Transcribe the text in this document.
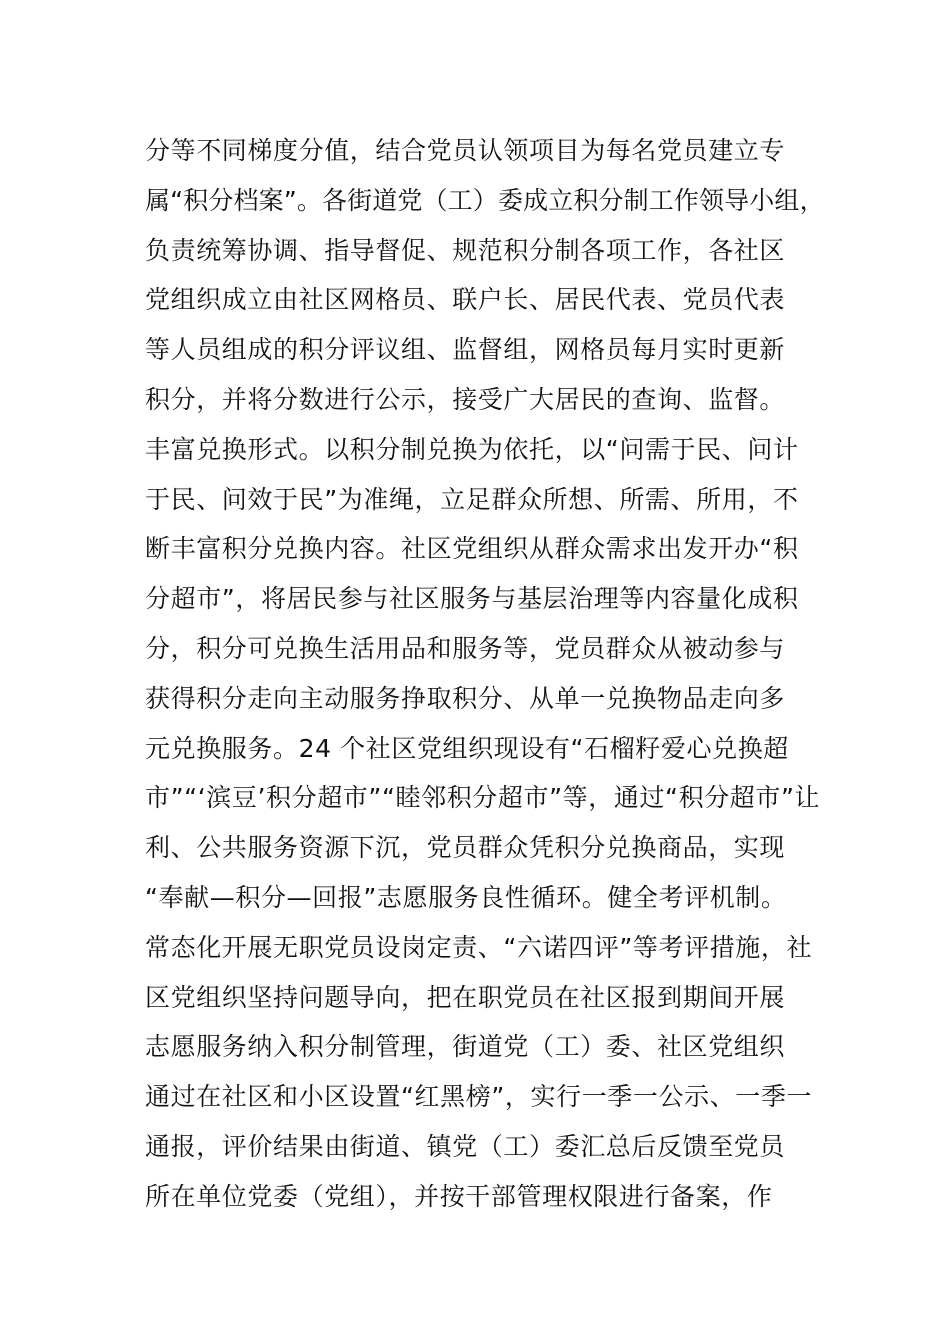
分等不同梯度分值，结合党员认领项目为每名党员建立专
属“积分档案”。各街道党（工）委成立积分制工作领导小组，
负责统筹协调、指导督促、规范积分制各项工作，各社区
党组织成立由社区网格员、联户长、居民代表、党员代表
等人员组成的积分评议组、监督组，网格员每月实时更新
积分，并将分数进行公示，接受广大居民的查询、监督。
丰富兑换形式。以积分制兑换为依托，以“问需于民、问计
于民、问效于民”为准绳，立足群众所想、所需、所用，不
断丰富积分兑换内容。社区党组织从群众需求出发开办“积
分超市”，将居民参与社区服务与基层治理等内容量化成积
分，积分可兑换生活用品和服务等，党员群众从被动参与
获得积分走向主动服务挣取积分、从单一兑换物品走向多
元兑换服务。24 个社区党组织现设有“石榴籽爱心兑换超
市”“‘滨豆’积分超市”“睦邻积分超市”等，通过“积分超市”让
利、公共服务资源下沉，党员群众凭积分兑换商品，实现
“奉献—积分—回报”志愿服务良性循环。健全考评机制。
常态化开展无职党员设岗定责、“六诺四评”等考评措施，社
区党组织坚持问题导向，把在职党员在社区报到期间开展
志愿服务纳入积分制管理，街道党（工）委、社区党组织
通过在社区和小区设置“红黑榜”，实行一季一公示、一季一
通报，评价结果由街道、镇党（工）委汇总后反馈至党员
所在单位党委（党组），并按干部管理权限进行备案，作
